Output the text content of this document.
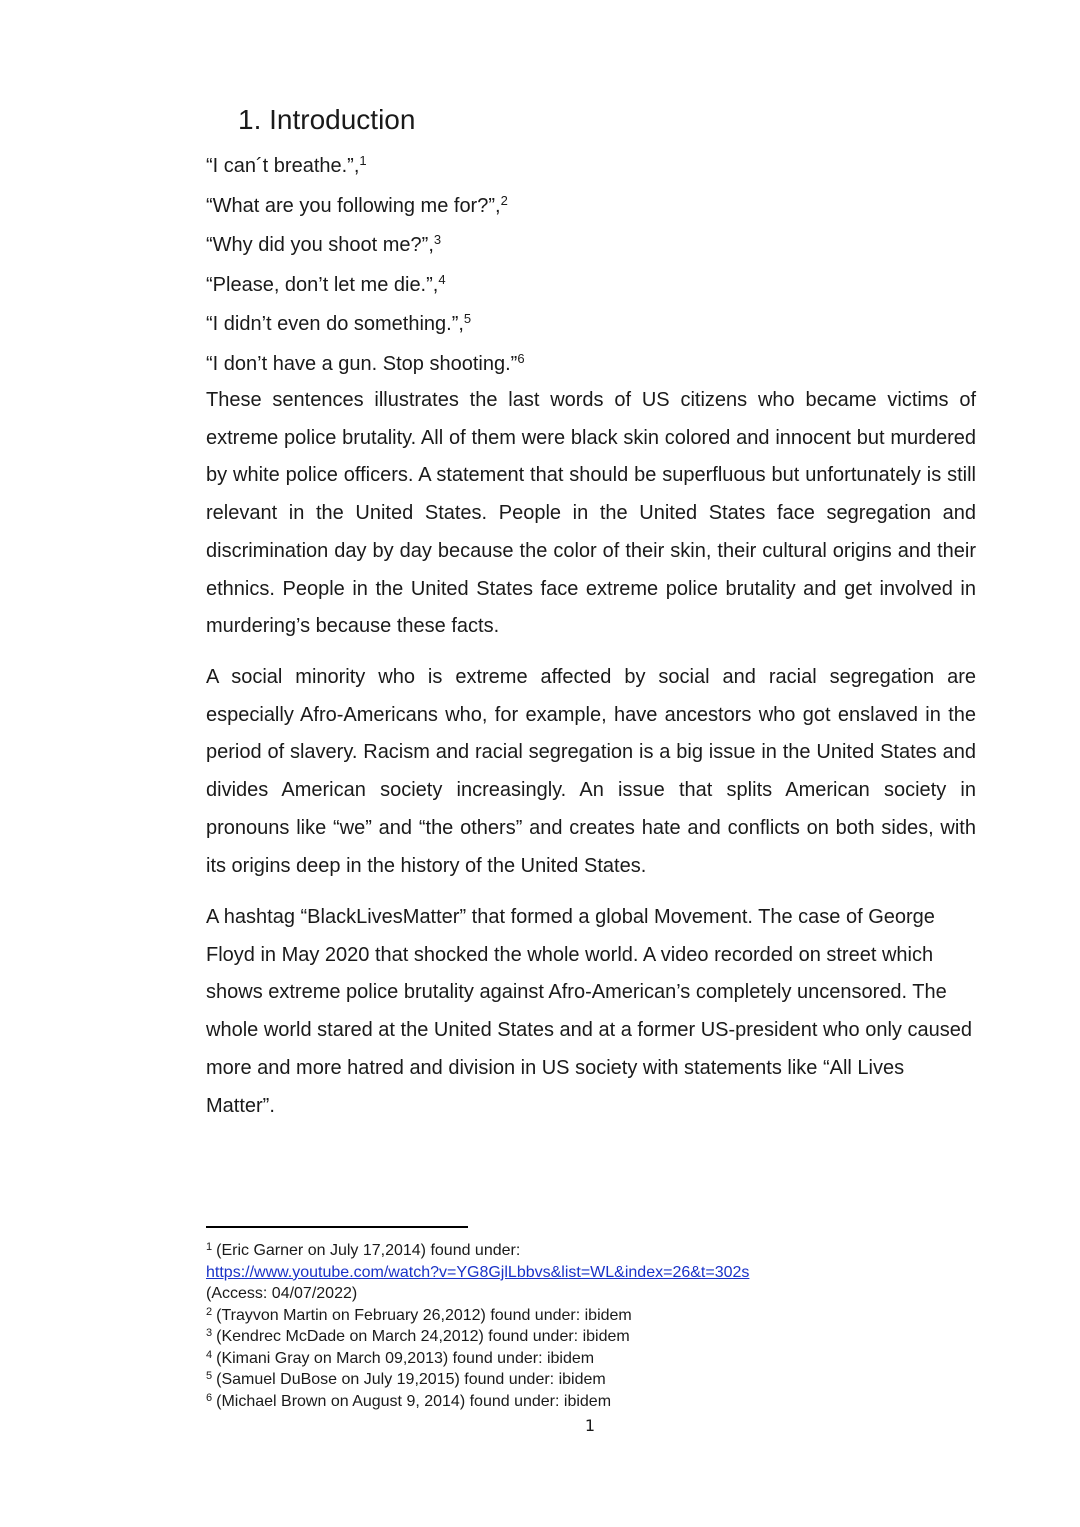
1. Introduction
“I can´t breathe.”,$^1$
“What are you following me for?”,$^2$
“Why did you shoot me?”,$^3$
“Please, don’t let me die.”,$^4$
“I didn’t even do something.”,$^5$
“I don’t have a gun. Stop shooting.”$^6$

These sentences illustrates the last words of US citizens who became victims of extreme police brutality. All of them were black skin colored and innocent but murdered by white police officers. A statement that should be superfluous but unfortunately is still relevant in the United States. People in the United States face segregation and discrimination day by day because the color of their skin, their cultural origins and their ethnics. People in the United States face extreme police brutality and get involved in murdering’s because these facts.

A social minority who is extreme affected by social and racial segregation are especially Afro-Americans who, for example, have ancestors who got enslaved in the period of slavery. Racism and racial segregation is a big issue in the United States and divides American society increasingly. An issue that splits American society in pronouns like “we” and “the others” and creates hate and conflicts on both sides, with its origins deep in the history of the United States.

A hashtag “BlackLivesMatter” that formed a global Movement. The case of George Floyd in May 2020 that shocked the whole world. A video recorded on street which shows extreme police brutality against Afro-American’s completely uncensored. The whole world stared at the United States and at a former US-president who only caused more and more hatred and division in US society with statements like “All Lives Matter”.

$^1$ (Eric Garner on July 17,2014) found under:
https://www.youtube.com/watch?v=YG8GjlLbbvs&list=WL&index=26&t=302s
(Access: 04/07/2022)
$^2$ (Trayvon Martin on February 26,2012) found under: ibidem
$^3$ (Kendrec McDade on March 24,2012) found under: ibidem
$^4$ (Kimani Gray on March 09,2013) found under: ibidem
$^5$ (Samuel DuBose on July 19,2015) found under: ibidem
$^6$ (Michael Brown on August 9, 2014) found under: ibidem
1
